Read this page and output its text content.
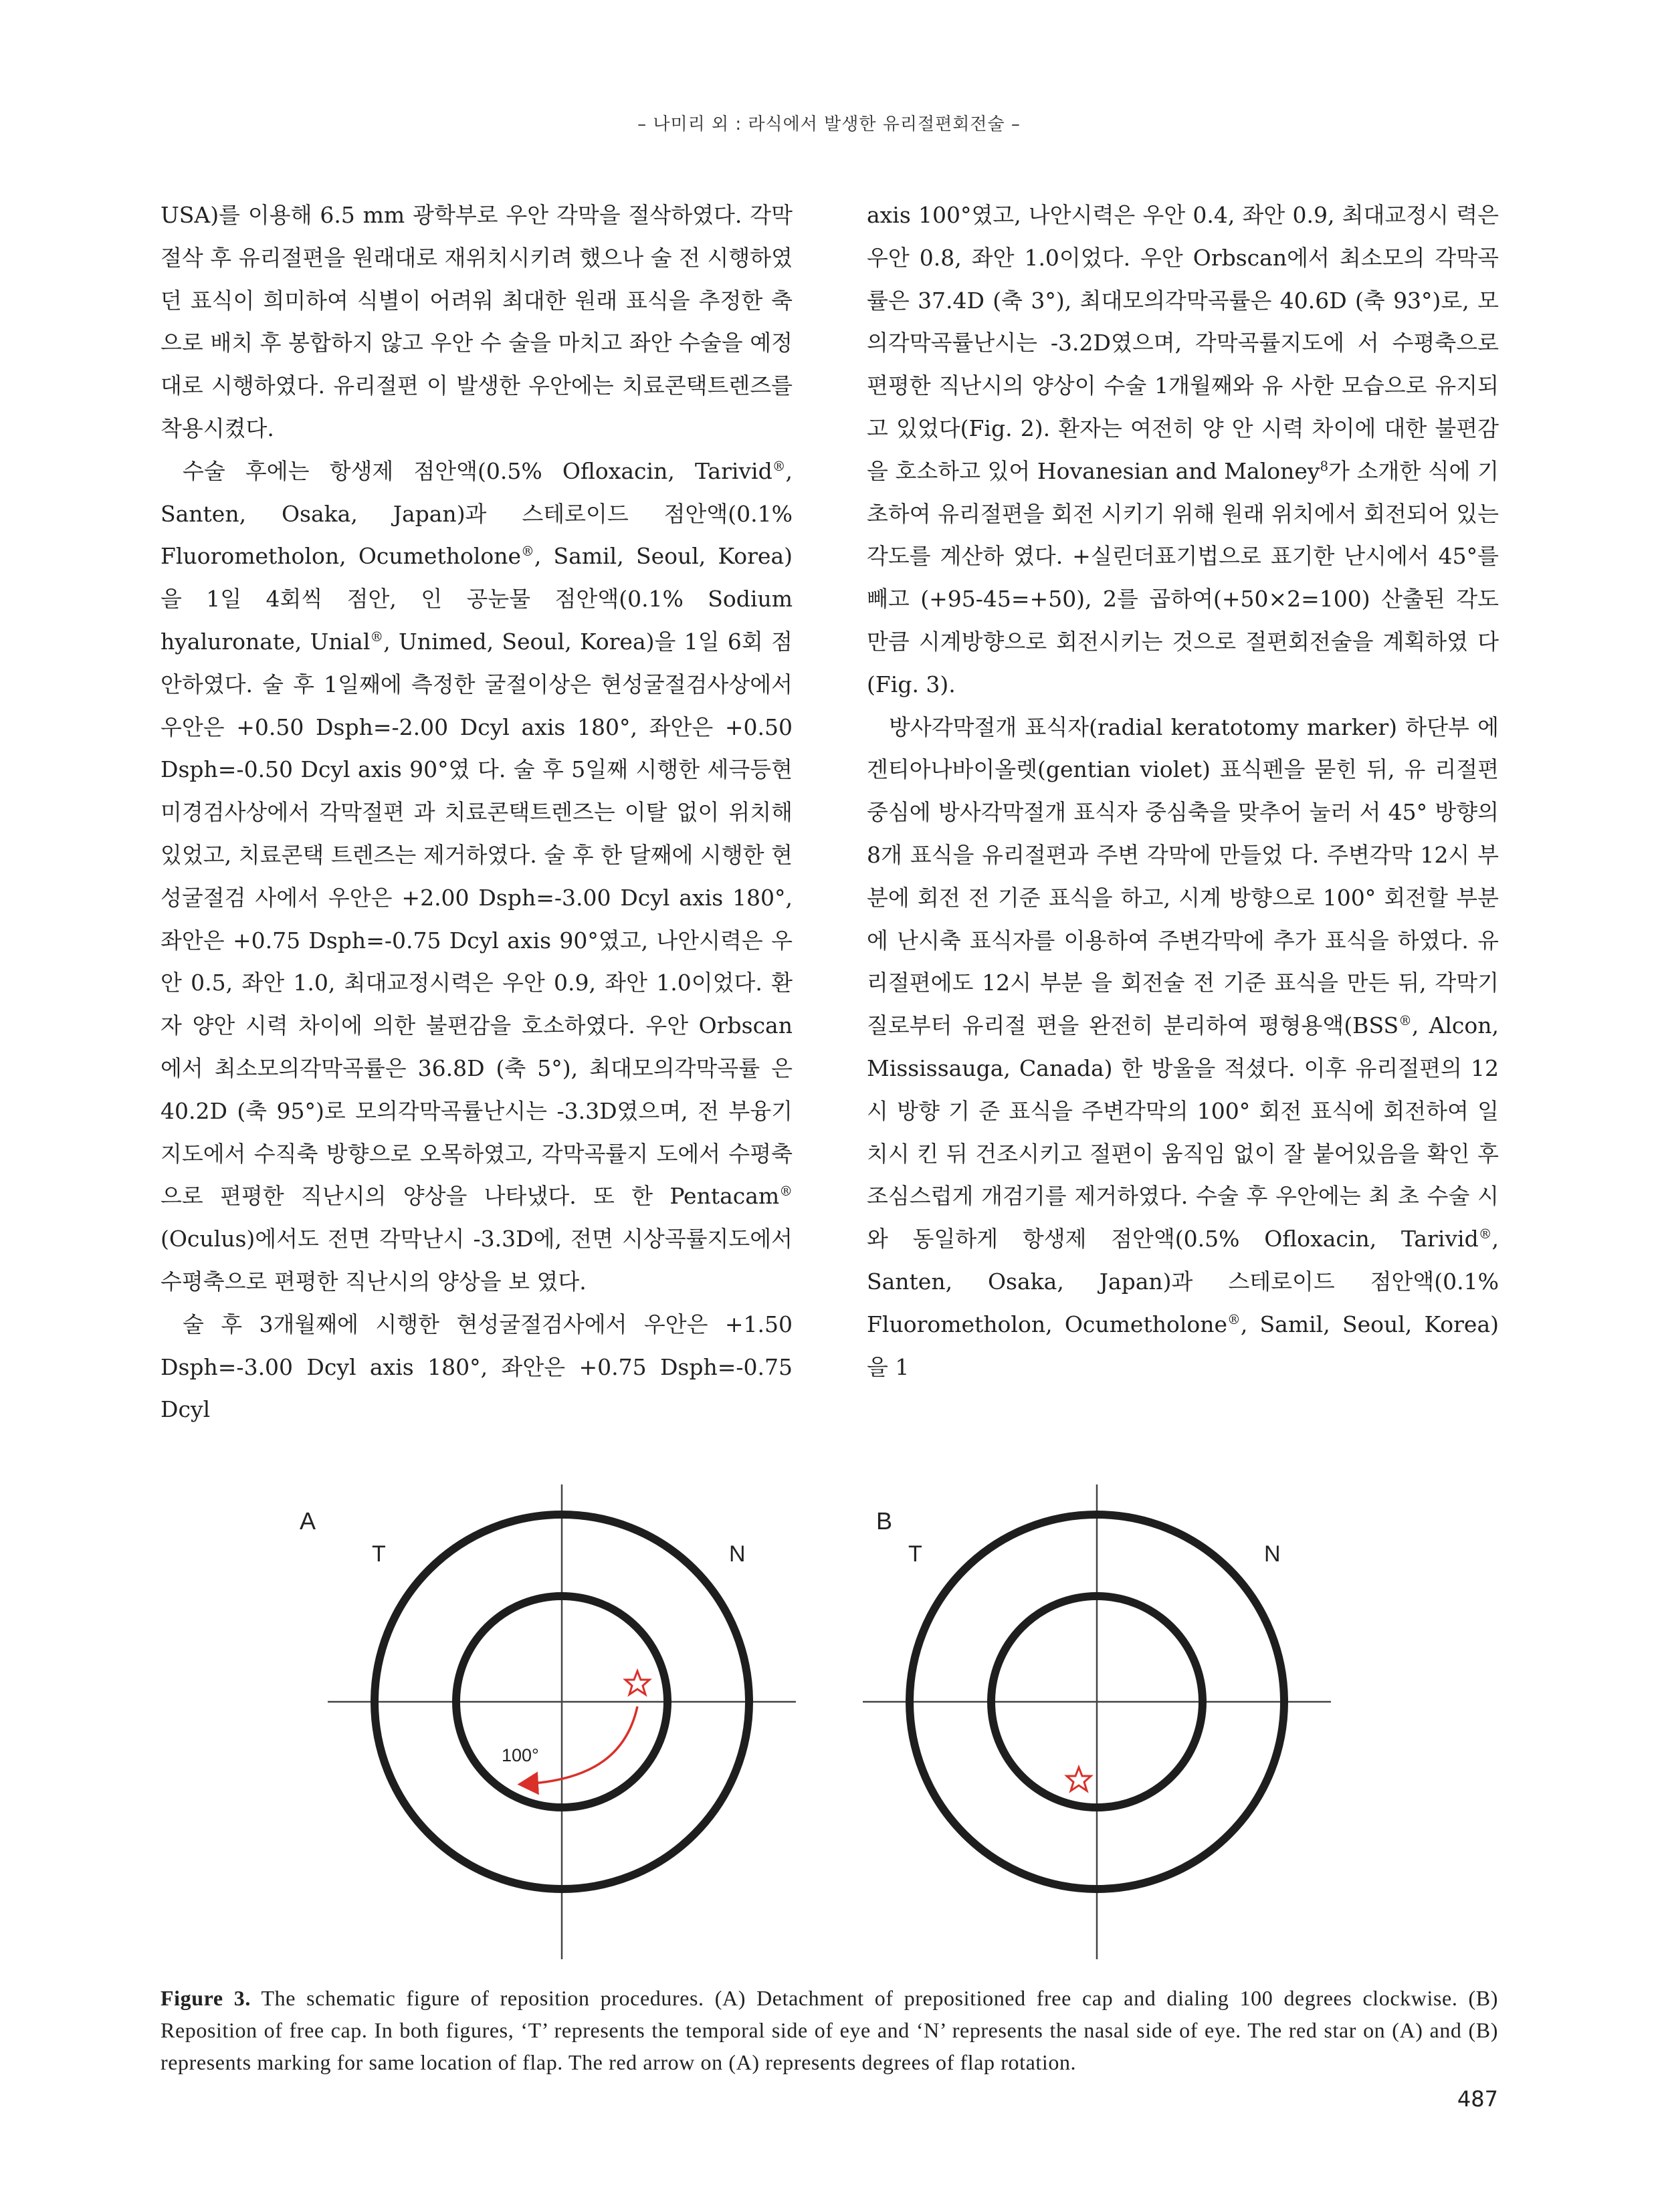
– 나미리 외 : 라식에서 발생한 유리절편회전술 –

USA)를 이용해 6.5 mm 광학부로 우안 각막을 절삭하였다. 각막 절삭 후 유리절편을 원래대로 재위치시키려 했으나 술 전 시행하였던 표식이 희미하여 식별이 어려워 최대한 원래 표식을 추정한 축으로 배치 후 봉합하지 않고 우안 수 술을 마치고 좌안 수술을 예정대로 시행하였다. 유리절편 이 발생한 우안에는 치료콘택트렌즈를 착용시켰다.

수술 후에는 항생제 점안액(0.5% Ofloxacin, Tarivid®, Santen, Osaka, Japan)과 스테로이드 점안액(0.1% Fluorometholon, Ocumetholone®, Samil, Seoul, Korea)을 1일 4회씩 점안, 인 공눈물 점안액(0.1% Sodium hyaluronate, Unial®, Unimed, Seoul, Korea)을 1일 6회 점안하였다. 술 후 1일째에 측정한 굴절이상은 현성굴절검사상에서 우안은 +0.50 Dsph=-2.00 Dcyl axis 180°, 좌안은 +0.50 Dsph=-0.50 Dcyl axis 90°였 다. 술 후 5일째 시행한 세극등현미경검사상에서 각막절편 과 치료콘택트렌즈는 이탈 없이 위치해 있었고, 치료콘택 트렌즈는 제거하였다. 술 후 한 달째에 시행한 현성굴절검 사에서 우안은 +2.00 Dsph=-3.00 Dcyl axis 180°, 좌안은 +0.75 Dsph=-0.75 Dcyl axis 90°였고, 나안시력은 우안 0.5, 좌안 1.0, 최대교정시력은 우안 0.9, 좌안 1.0이었다. 환자 양안 시력 차이에 의한 불편감을 호소하였다. 우안 Orbscan 에서 최소모의각막곡률은 36.8D (축 5°), 최대모의각막곡률 은 40.2D (축 95°)로 모의각막곡률난시는 -3.3D였으며, 전 부융기지도에서 수직축 방향으로 오목하였고, 각막곡률지 도에서 수평축으로 편평한 직난시의 양상을 나타냈다. 또 한 Pentacam® (Oculus)에서도 전면 각막난시 -3.3D에, 전면 시상곡률지도에서 수평축으로 편평한 직난시의 양상을 보 였다.

술 후 3개월째에 시행한 현성굴절검사에서 우안은 +1.50 Dsph=-3.00 Dcyl axis 180°, 좌안은 +0.75 Dsph=-0.75 Dcyl

axis 100°였고, 나안시력은 우안 0.4, 좌안 0.9, 최대교정시 력은 우안 0.8, 좌안 1.0이었다. 우안 Orbscan에서 최소모의 각막곡률은 37.4D (축 3°), 최대모의각막곡률은 40.6D (축 93°)로, 모의각막곡률난시는 -3.2D였으며, 각막곡률지도에 서 수평축으로 편평한 직난시의 양상이 수술 1개월째와 유 사한 모습으로 유지되고 있었다(Fig. 2). 환자는 여전히 양 안 시력 차이에 대한 불편감을 호소하고 있어 Hovanesian and Maloney$^8$가 소개한 식에 기초하여 유리절편을 회전 시키기 위해 원래 위치에서 회전되어 있는 각도를 계산하 였다. +실린더표기법으로 표기한 난시에서 45°를 빼고 (+95-45=+50), 2를 곱하여(+50×2=100) 산출된 각도만큼 시계방향으로 회전시키는 것으로 절편회전술을 계획하였 다(Fig. 3).

방사각막절개 표식자(radial keratotomy marker) 하단부 에 겐티아나바이올렛(gentian violet) 표식펜을 묻힌 뒤, 유 리절편 중심에 방사각막절개 표식자 중심축을 맞추어 눌러 서 45° 방향의 8개 표식을 유리절편과 주변 각막에 만들었 다. 주변각막 12시 부분에 회전 전 기준 표식을 하고, 시계 방향으로 100° 회전할 부분에 난시축 표식자를 이용하여 주변각막에 추가 표식을 하였다. 유리절편에도 12시 부분 을 회전술 전 기준 표식을 만든 뒤, 각막기질로부터 유리절 편을 완전히 분리하여 평형용액(BSS®, Alcon, Mississauga, Canada) 한 방울을 적셨다. 이후 유리절편의 12시 방향 기 준 표식을 주변각막의 100° 회전 표식에 회전하여 일치시 킨 뒤 건조시키고 절편이 움직임 없이 잘 붙어있음을 확인 후 조심스럽게 개검기를 제거하였다. 수술 후 우안에는 최 초 수술 시와 동일하게 항생제 점안액(0.5% Ofloxacin, Tarivid®, Santen, Osaka, Japan)과 스테로이드 점안액(0.1% Fluorometholon, Ocumetholone®, Samil, Seoul, Korea)을 1

A
T	N
100°
B
T	N
Figure 3. The schematic figure of reposition procedures. (A) Detachment of prepositioned free cap and dialing 100 degrees clockwise. (B) Reposition of free cap. In both figures, ‘T’ represents the temporal side of eye and ‘N’ represents the nasal side of eye. The red star on (A) and (B) represents marking for same location of flap. The red arrow on (A) represents degrees of flap rotation.
487
